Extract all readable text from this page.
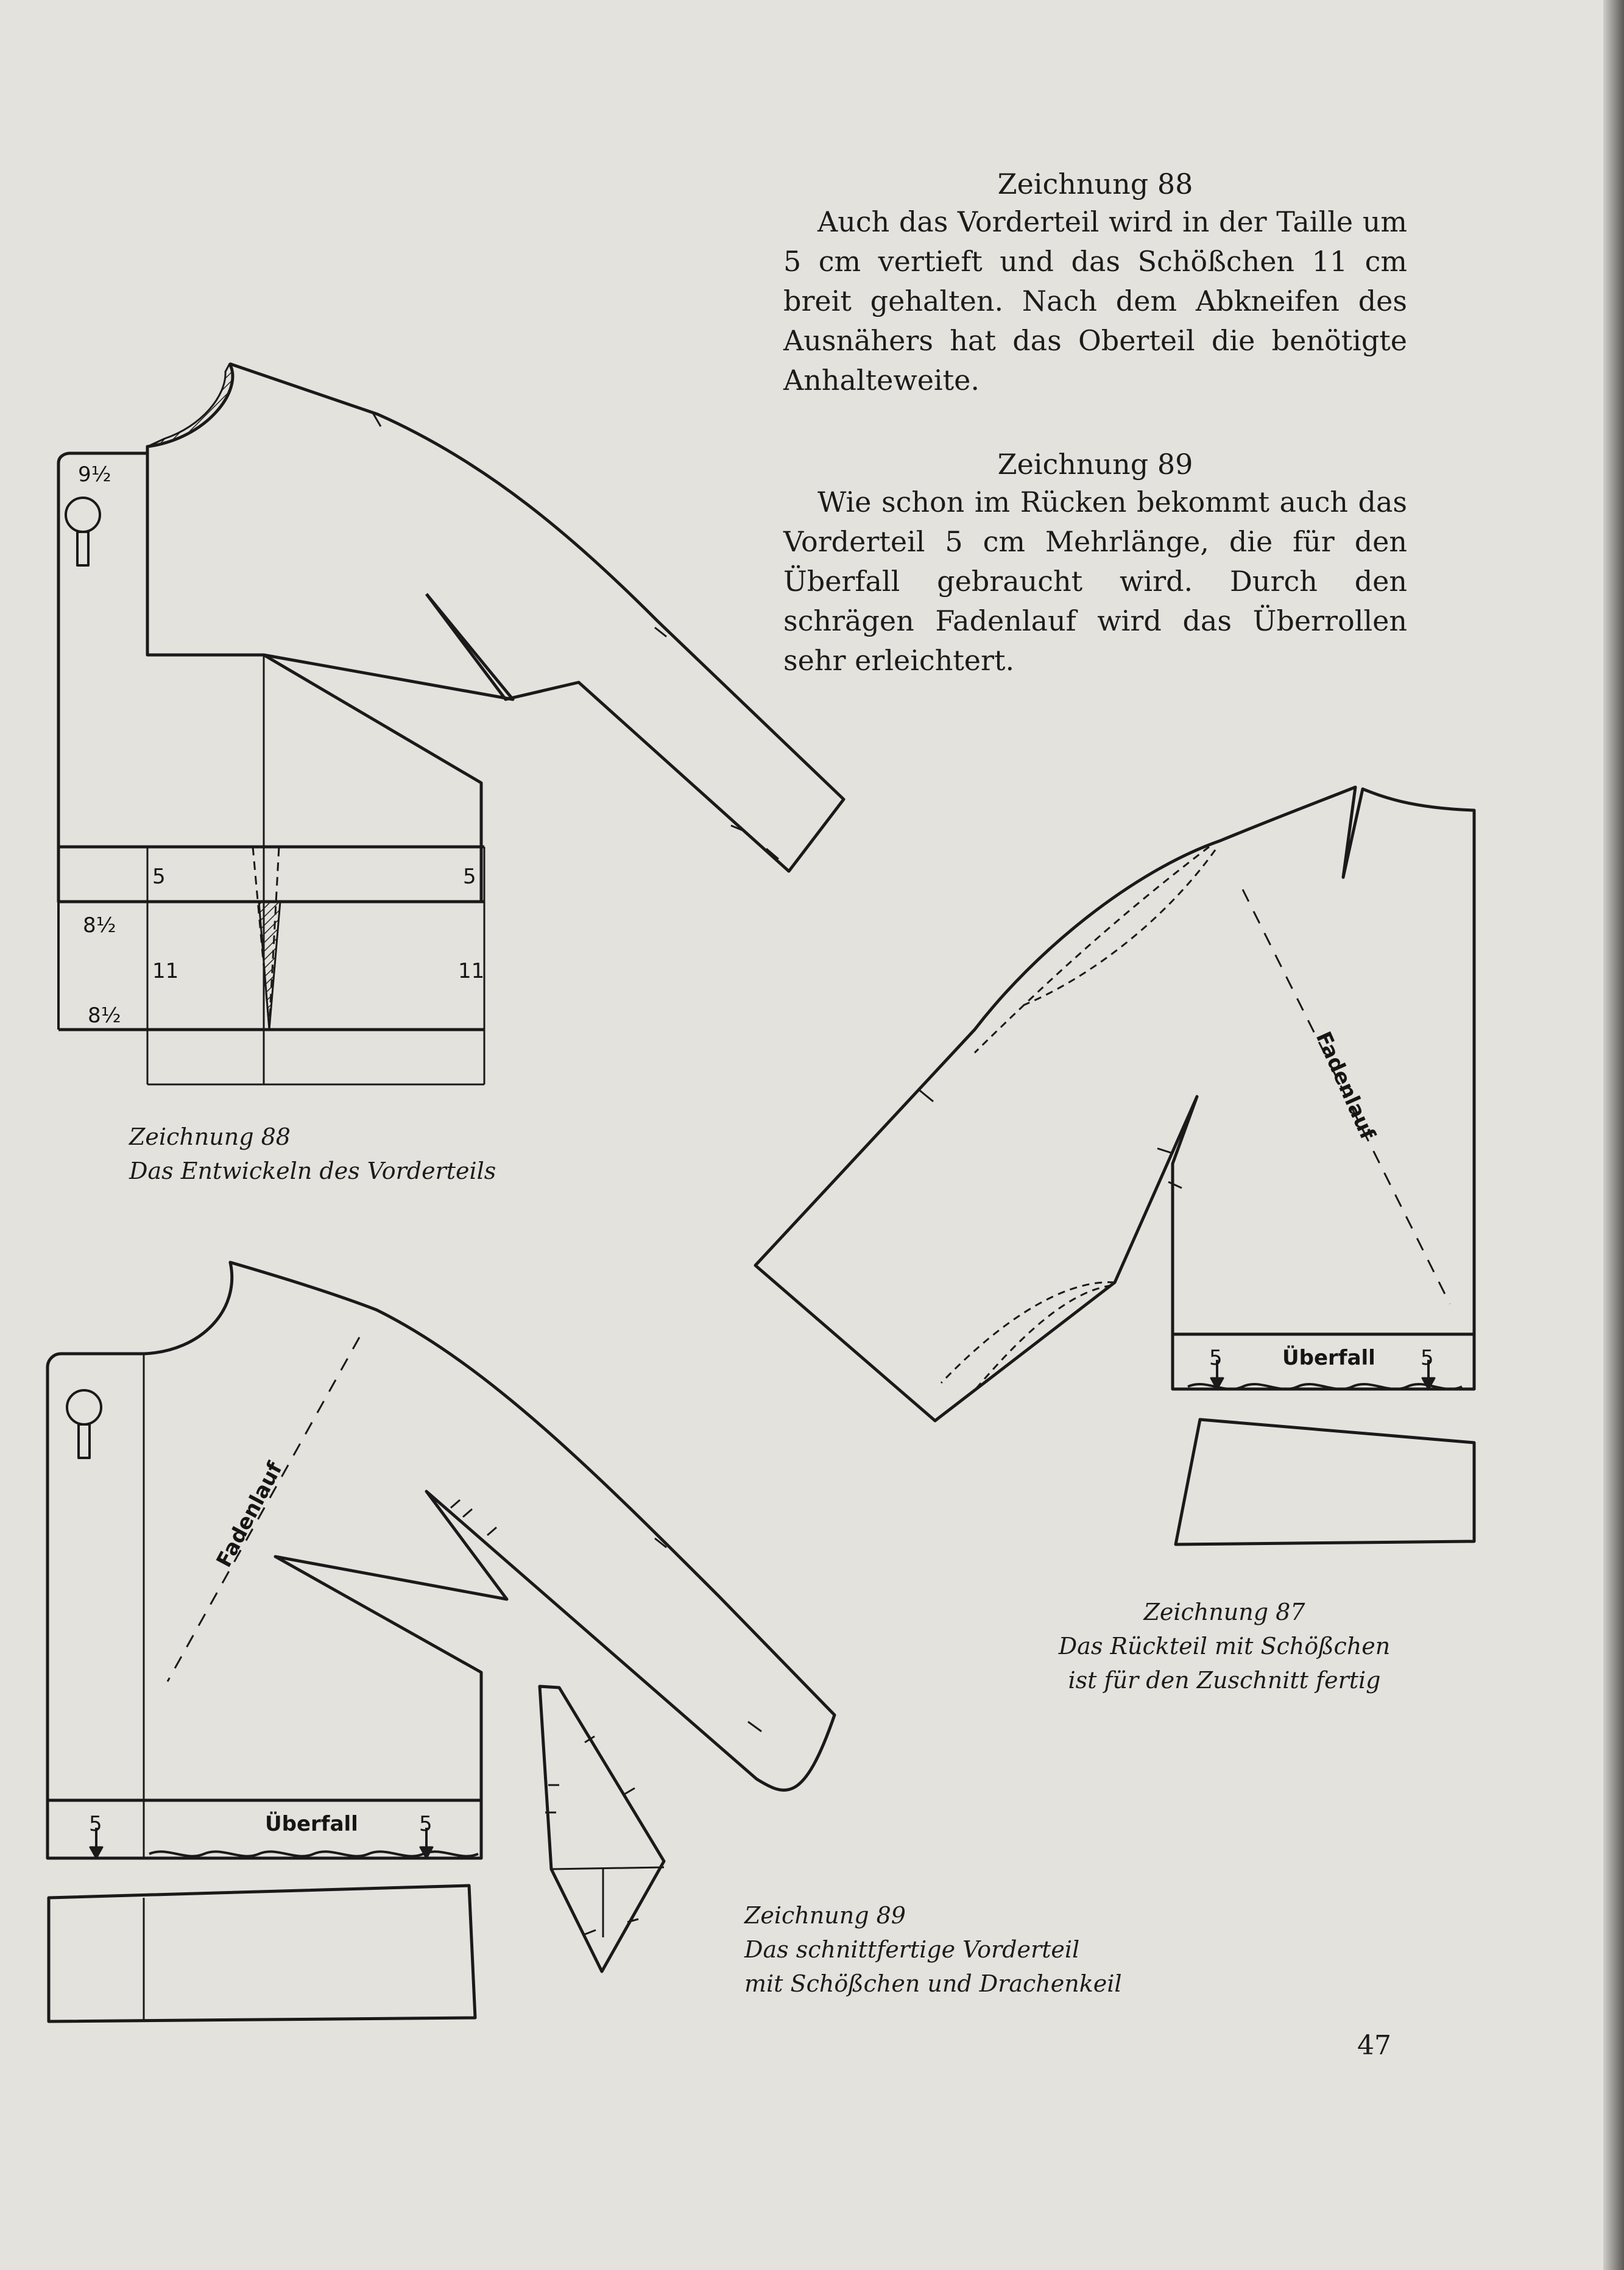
Zeichnung 88

Auch das Vorderteil wird in der Taille um 5 cm vertieft und das Schößchen 11 cm breit gehalten. Nach dem Abkneifen des Ausnähers hat das Oberteil die benötigte Anhalteweite.

Zeichnung 89

Wie schon im Rücken bekommt auch das Vorderteil 5 cm Mehrlänge, die für den Überfall gebraucht wird. Durch den schrägen Fadenlauf wird das Überrollen sehr erleichtert.

9½
5	5
8½
11	11
8½
Fadenlauf
5	Überfall 5
Fadenlauf
5	Überfall	5
Zeichnung 88
Das Entwickeln des Vorderteils
Zeichnung 87
Das Rückteil mit Schößchen
ist für den Zuschnitt fertig
Zeichnung 89
Das schnittfertige Vorderteil
mit Schößchen und Drachenkeil
47
